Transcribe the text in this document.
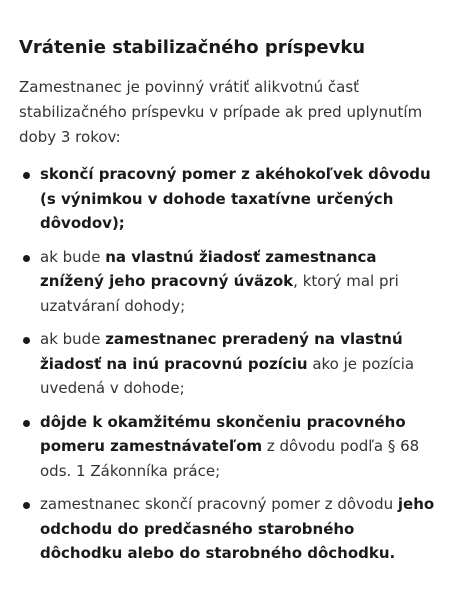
Vrátenie stabilizačného príspevku

Zamestnanec je povinný vrátiť alikvotnú časť stabilizačného príspevku v prípade ak pred uplynutím doby 3 rokov:

skončí pracovný pomer z akéhokoľvek dôvodu (s výnimkou v dohode taxatívne určených dôvodov);
ak bude na vlastnú žiadosť zamestnanca znížený jeho pracovný úväzok, ktorý mal pri uzatváraní dohody;
ak bude zamestnanec preradený na vlastnú žiadosť na inú pracovnú pozíciu ako je pozícia uvedená v dohode;
dôjde k okamžitému skončeniu pracovného pomeru zamestnávateľom z dôvodu podľa § 68 ods. 1 Zákonníka práce;
zamestnanec skončí pracovný pomer z dôvodu jeho odchodu do predčasného starobného dôchodku alebo do starobného dôchodku.
